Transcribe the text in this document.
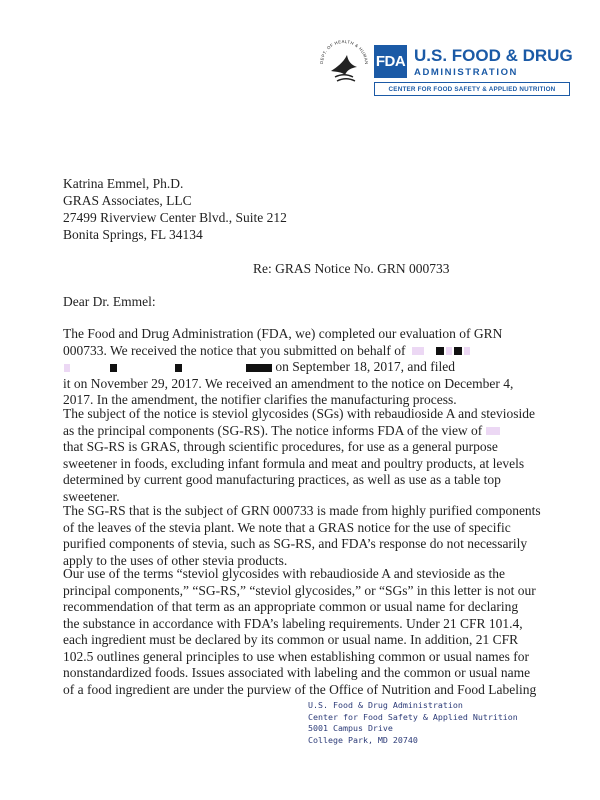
DEPT. OF HEALTH & HUMAN FDA U.S. FOOD & DRUG
ADMINISTRATION
CENTER FOR FOOD SAFETY & APPLIED NUTRITION
Katrina Emmel, Ph.D.
GRAS Associates, LLC
27499 Riverview Center Blvd., Suite 212
Bonita Springs, FL 34134
Re: GRAS Notice No. GRN 000733
Dear Dr. Emmel:
The Food and Drug Administration (FDA, we) completed our evaluation of GRN
000733. We received the notice that you submitted on behalf of
on September 18, 2017, and filed
it on November 29, 2017. We received an amendment to the notice on December 4,
2017. In the amendment, the notifier clarifies the manufacturing process.
The subject of the notice is steviol glycosides (SGs) with rebaudioside A and stevioside
as the principal components (SG-RS). The notice informs FDA of the view of
that SG-RS is GRAS, through scientific procedures, for use as a general purpose
sweetener in foods, excluding infant formula and meat and poultry products, at levels
determined by current good manufacturing practices, as well as use as a table top
sweetener.
The SG-RS that is the subject of GRN 000733 is made from highly purified components
of the leaves of the stevia plant. We note that a GRAS notice for the use of specific
purified components of stevia, such as SG-RS, and FDA’s response do not necessarily
apply to the uses of other stevia products.
Our use of the terms “steviol glycosides with rebaudioside A and stevioside as the
principal components,” “SG-RS,” “steviol glycosides,” or “SGs” in this letter is not our
recommendation of that term as an appropriate common or usual name for declaring
the substance in accordance with FDA’s labeling requirements. Under 21 CFR 101.4,
each ingredient must be declared by its common or usual name. In addition, 21 CFR
102.5 outlines general principles to use when establishing common or usual names for
nonstandardized foods. Issues associated with labeling and the common or usual name
of a food ingredient are under the purview of the Office of Nutrition and Food Labeling
U.S. Food & Drug Administration
Center for Food Safety & Applied Nutrition
5001 Campus Drive
College Park, MD 20740
